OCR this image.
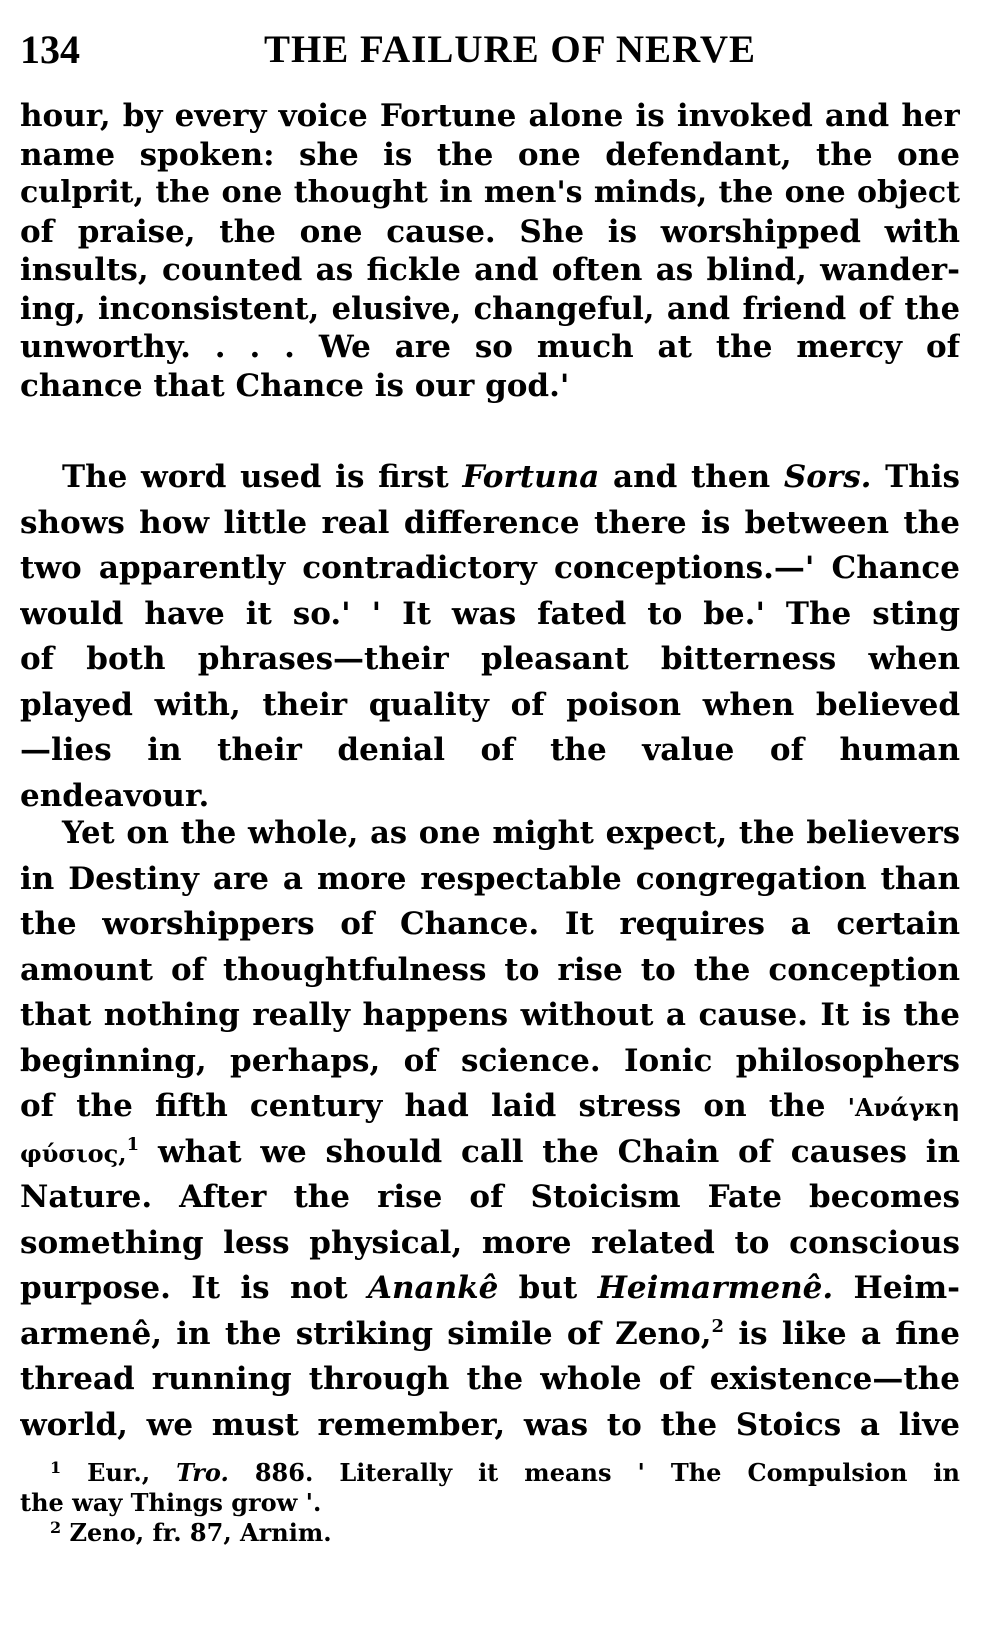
134	THE FAILURE OF NERVE
hour, by every voice Fortune alone is invoked and her
name spoken: she is the one defendant, the one
culprit, the one thought in men's minds, the one object
of praise, the one cause. She is worshipped with
insults, counted as fickle and often as blind, wander-
ing, inconsistent, elusive, changeful, and friend of the
unworthy. . . . We are so much at the mercy of
chance that Chance is our god.'
The word used is first Fortuna and then Sors. This
shows how little real difference there is between the
two apparently contradictory conceptions.—' Chance
would have it so.' ' It was fated to be.' The sting
of both phrases—their pleasant bitterness when
played with, their quality of poison when believed
—lies in their denial of the value of human
endeavour.
Yet on the whole, as one might expect, the believers
in Destiny are a more respectable congregation than
the worshippers of Chance. It requires a certain
amount of thoughtfulness to rise to the conception
that nothing really happens without a cause. It is the
beginning, perhaps, of science. Ionic philosophers
of the fifth century had laid stress on the 'Ανάγκη
φύσιος,$^1$ what we should call the Chain of causes in
Nature. After the rise of Stoicism Fate becomes
something less physical, more related to conscious
purpose. It is not Anankê but Heimarmenê. Heim-
armenê, in the striking simile of Zeno,$^2$ is like a fine
thread running through the whole of existence—the
world, we must remember, was to the Stoics a live
$^1$ Eur., Tro. 886. Literally it means ' The Compulsion in
the way Things grow '.
$^2$ Zeno, fr. 87, Arnim.
